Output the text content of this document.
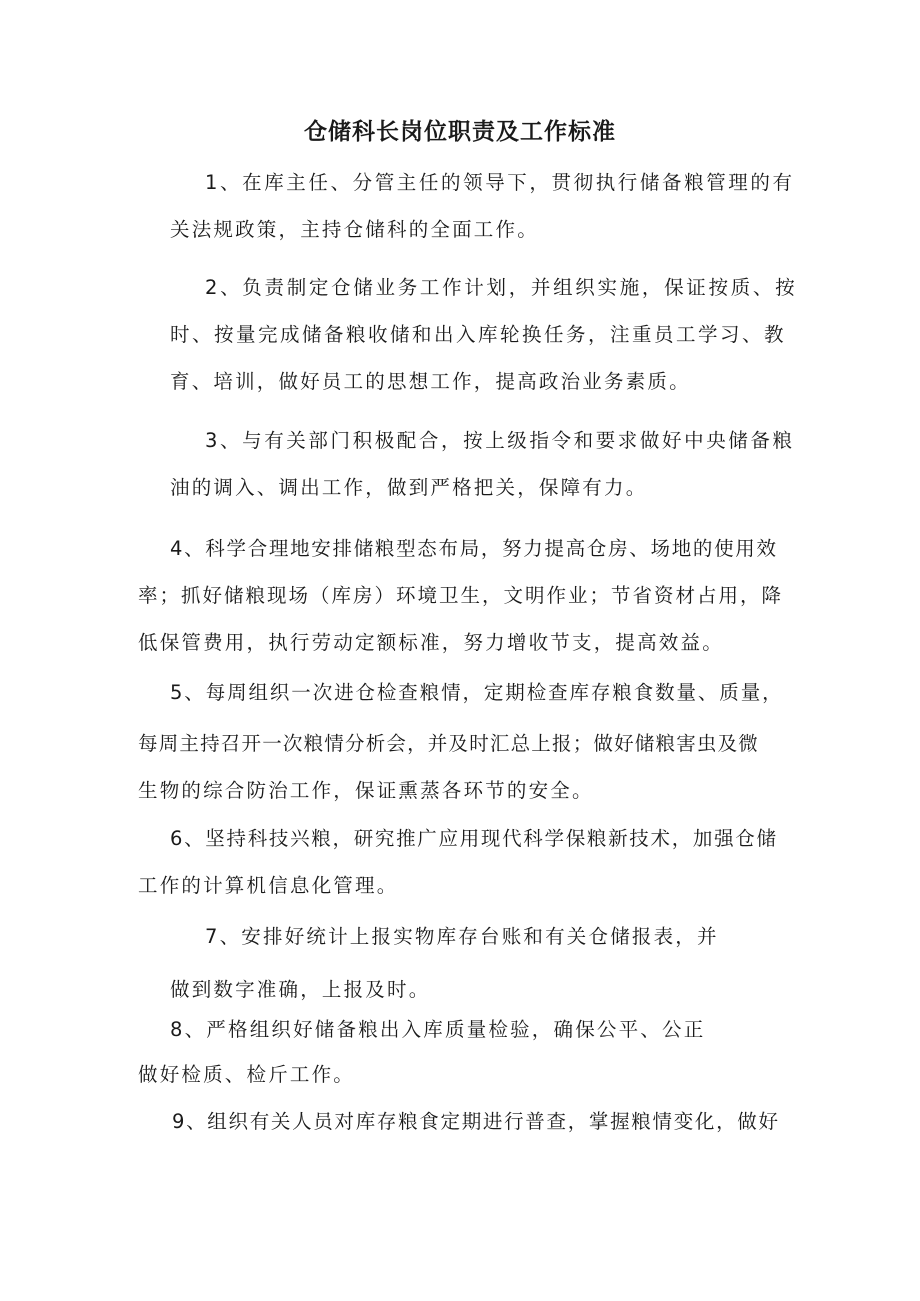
仓储科长岗位职责及工作标准
1、在库主任、分管主任的领导下，贯彻执行储备粮管理的有
关法规政策，主持仓储科的全面工作。
2、负责制定仓储业务工作计划，并组织实施，保证按质、按
时、按量完成储备粮收储和出入库轮换任务，注重员工学习、教
育、培训，做好员工的思想工作，提高政治业务素质。
3、与有关部门积极配合，按上级指令和要求做好中央储备粮
油的调入、调出工作，做到严格把关，保障有力。
4、科学合理地安排储粮型态布局，努力提高仓房、场地的使用效
率；抓好储粮现场（库房）环境卫生，文明作业；节省资材占用，降
低保管费用，执行劳动定额标准，努力增收节支，提高效益。
5、每周组织一次进仓检查粮情，定期检查库存粮食数量、质量，
每周主持召开一次粮情分析会，并及时汇总上报；做好储粮害虫及微
生物的综合防治工作，保证熏蒸各环节的安全。
6、坚持科技兴粮，研究推广应用现代科学保粮新技术，加强仓储
工作的计算机信息化管理。
7、安排好统计上报实物库存台账和有关仓储报表，并
做到数字准确，上报及时。
8、严格组织好储备粮出入库质量检验，确保公平、公正
做好检质、检斤工作。
9、组织有关人员对库存粮食定期进行普查，掌握粮情变化，做好
